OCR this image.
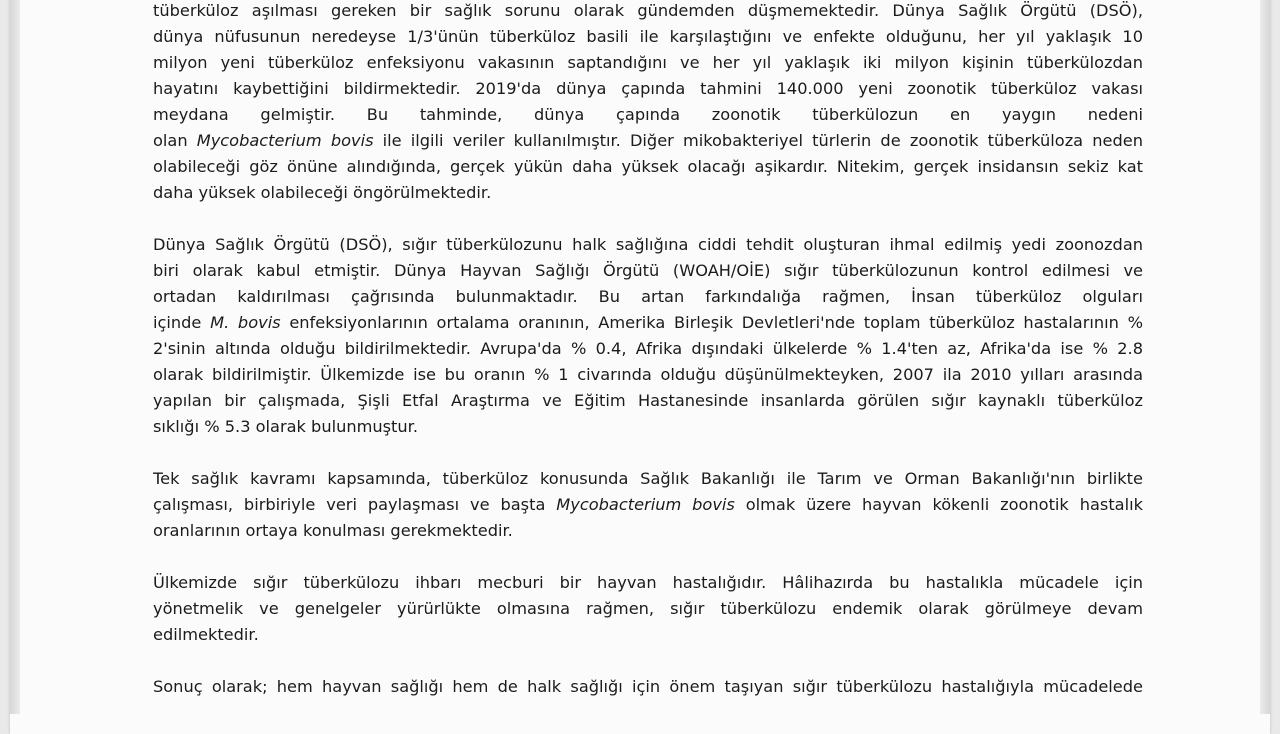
tüberküloz aşılması gereken bir sağlık sorunu olarak gündemden düşmemektedir. Dünya Sağlık Örgütü (DSÖ),
dünya nüfusunun neredeyse 1/3'ünün tüberküloz basili ile karşılaştığını ve enfekte olduğunu, her yıl yaklaşık 10
milyon yeni tüberküloz enfeksiyonu vakasının saptandığını ve her yıl yaklaşık iki milyon kişinin tüberkülozdan
hayatını kaybettiğini bildirmektedir. 2019'da dünya çapında tahmini 140.000 yeni zoonotik tüberküloz vakası
meydana gelmiştir. Bu tahminde, dünya çapında zoonotik tüberkülozun en yaygın nedeni
olan Mycobacterium bovis ile ilgili veriler kullanılmıştır. Diğer mikobakteriyel türlerin de zoonotik tüberküloza neden
olabileceği göz önüne alındığında, gerçek yükün daha yüksek olacağı aşikardır. Nitekim, gerçek insidansın sekiz kat
daha yüksek olabileceği öngörülmektedir.
Dünya Sağlık Örgütü (DSÖ), sığır tüberkülozunu halk sağlığına ciddi tehdit oluşturan ihmal edilmiş yedi zoonozdan
biri olarak kabul etmiştir. Dünya Hayvan Sağlığı Örgütü (WOAH/OİE) sığır tüberkülozunun kontrol edilmesi ve
ortadan kaldırılması çağrısında bulunmaktadır. Bu artan farkındalığa rağmen, İnsan tüberküloz olguları
içinde M. bovis enfeksiyonlarının ortalama oranının, Amerika Birleşik Devletleri'nde toplam tüberküloz hastalarının %
2'sinin altında olduğu bildirilmektedir. Avrupa'da % 0.4, Afrika dışındaki ülkelerde % 1.4'ten az, Afrika'da ise % 2.8
olarak bildirilmiştir. Ülkemizde ise bu oranın % 1 civarında olduğu düşünülmekteyken, 2007 ila 2010 yılları arasında
yapılan bir çalışmada, Şişli Etfal Araştırma ve Eğitim Hastanesinde insanlarda görülen sığır kaynaklı tüberküloz
sıklığı % 5.3 olarak bulunmuştur.
Tek sağlık kavramı kapsamında, tüberküloz konusunda Sağlık Bakanlığı ile Tarım ve Orman Bakanlığı'nın birlikte
çalışması, birbiriyle veri paylaşması ve başta Mycobacterium bovis olmak üzere hayvan kökenli zoonotik hastalık
oranlarının ortaya konulması gerekmektedir.
Ülkemizde sığır tüberkülozu ihbarı mecburi bir hayvan hastalığıdır. Hâlihazırda bu hastalıkla mücadele için
yönetmelik ve genelgeler yürürlükte olmasına rağmen, sığır tüberkülozu endemik olarak görülmeye devam
edilmektedir.
Sonuç olarak; hem hayvan sağlığı hem de halk sağlığı için önem taşıyan sığır tüberkülozu hastalığıyla mücadelede
